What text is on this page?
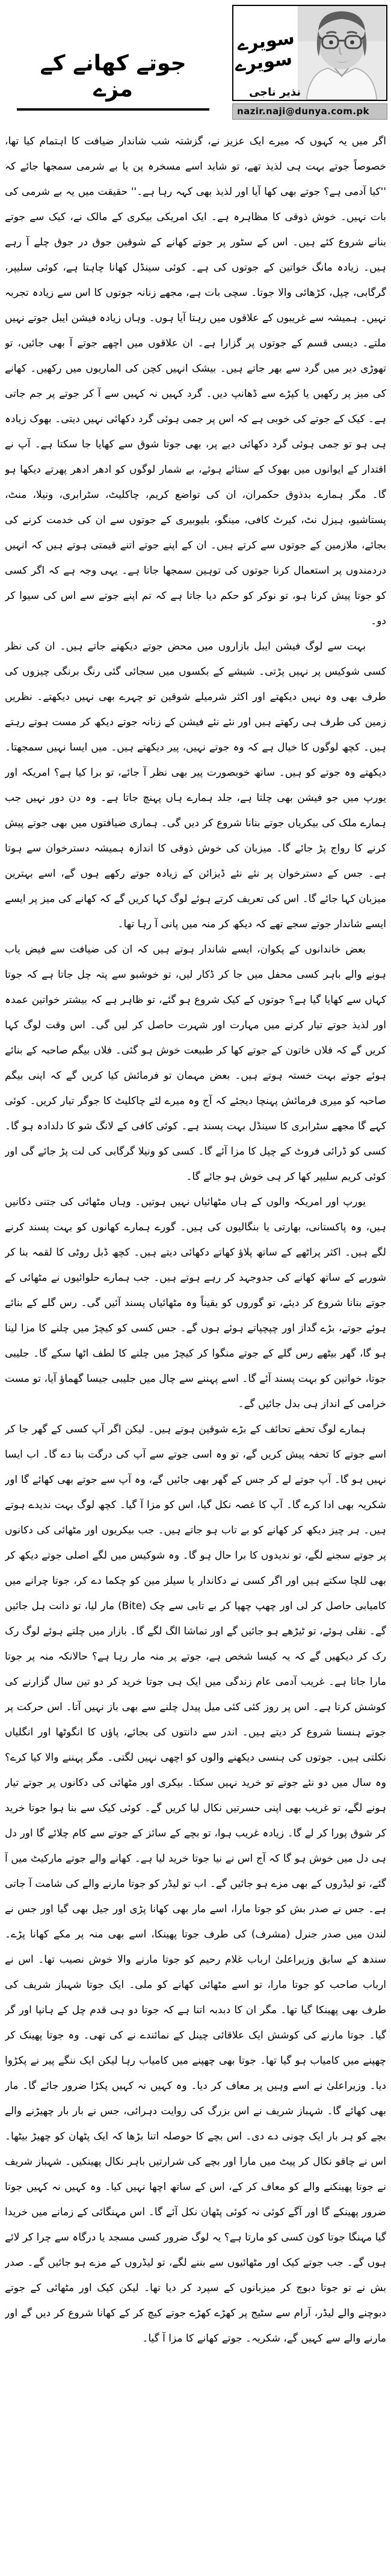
سویرے
سویرے
نذیر ناجی
nazir.naji@dunya.com.pk
جوتے کھانے کے مزے

اگر میں یہ کہوں کہ میرے ایک عزیز نے، گزشتہ شب شاندار ضیافت کا اہتمام کیا تھا، خصوصاً جوتے بہت ہی لذیذ تھے، تو شاید اسے مسخرہ پن یا بے شرمی سمجھا جائے کہ ''کیا آدمی ہے؟ جوتے بھی کھا آیا اور لذیذ بھی کہہ رہا ہے۔'' حقیقت میں یہ بے شرمی کی بات نہیں۔ خوش ذوقی کا مظاہرہ ہے۔ ایک امریکی بیکری کے مالک نے، کیک سے جوتے بنانے شروع کئے ہیں۔ اس کے سٹور پر جوتے کھانے کے شوقین جوق در جوق چلے آ رہے ہیں۔ زیادہ مانگ خواتین کے جوتوں کی ہے۔ کوئی سینڈل کھانا چاہتا ہے، کوئی سلیپر، گرگابی، چپل، کڑھائی والا جوتا۔ سچی بات ہے، مجھے زنانہ جوتوں کا اس سے زیادہ تجربہ نہیں۔ ہمیشہ سے غریبوں کے علاقوں میں رہتا آیا ہوں۔ وہاں زیادہ فیشن ایبل جوتے نہیں ملتے۔ دیسی قسم کے جوتوں پر گزارا ہے۔ ان علاقوں میں اچھے جوتے آ بھی جائیں، تو تھوڑی دیر میں گرد سے بھر جاتے ہیں۔ بیشک انہیں کچن کی الماریوں میں رکھیں۔ کھانے کی میز پر رکھیں یا کپڑے سے ڈھانپ دیں۔ گرد کہیں نہ کہیں سے آ کر جوتے پر جم جاتی ہے۔ کیک کے جوتے کی خوبی ہے کہ اس پر جمی ہوئی گرد دکھائی نہیں دیتی۔ بھوک زیادہ ہی ہو تو جمی ہوئی گرد دکھائی دیے پر، بھی جوتا شوق سے کھایا جا سکتا ہے۔ آپ نے اقتدار کے ایوانوں میں بھوک کے ستائے ہوئے، بے شمار لوگوں کو ادھر ادھر پھرتے دیکھا ہو گا۔ مگر ہمارے بدذوق حکمران، ان کی تواضع کریم، چاکلیٹ، سٹرابری، ونیلا، منٹ، پستاشیو، ہیزل نٹ، کیرٹ کافی، مینگو، بلیوبیری کے جوتوں سے ان کی خدمت کرنے کی بجائے، ملازمین کے جوتوں سے کرتے ہیں۔ ان کے اپنے جوتے اتنے قیمتی ہوتے ہیں کہ انہیں دردمندوں پر استعمال کرنا جوتوں کی توہین سمجھا جاتا ہے۔ یہی وجہ ہے کہ اگر کسی کو جوتا پیش کرنا ہو، تو نوکر کو حکم دیا جاتا ہے کہ تم اپنے جوتے سے اس کی سیوا کر دو۔

بہت سے لوگ فیشن ایبل بازاروں میں محض جوتے دیکھنے جاتے ہیں۔ ان کی نظر کسی شوکیس پر نہیں پڑتی۔ شیشے کے بکسوں میں سجائی گئی رنگ برنگی چیزوں کی طرف بھی وہ نہیں دیکھتے اور اکثر شرمیلے شوقین تو چہرے بھی نہیں دیکھتے۔ نظریں زمین کی طرف ہی رکھتے ہیں اور نئے نئے فیشن کے زنانہ جوتے دیکھ کر مست ہوتے رہتے ہیں۔ کچھ لوگوں کا خیال ہے کہ وہ جوتے نہیں، پیر دیکھتے ہیں۔ میں ایسا نہیں سمجھتا۔ دیکھتے وہ جوتے کو ہیں۔ ساتھ خوبصورت پیر بھی نظر آ جائے، تو برا کیا ہے؟ امریکہ اور یورپ میں جو فیشن بھی چلتا ہے، جلد ہمارے ہاں پہنچ جاتا ہے۔ وہ دن دور نہیں جب ہمارے ملک کی بیکریاں جوتے بنانا شروع کر دیں گی۔ ہماری ضیافتوں میں بھی جوتے پیش کرنے کا رواج پڑ جائے گا۔ میزبان کی خوش ذوقی کا اندازہ ہمیشہ دسترخوان سے ہوتا ہے۔ جس کے دسترخوان پر نئے نئے ڈیزائن کے زیادہ جوتے رکھے ہوں گے، اسے بہترین میزبان کہا جائے گا۔ اس کی تعریف کرتے ہوئے لوگ کہا کریں گے کہ کھانے کی میز پر ایسے ایسے شاندار جوتے سجے تھے کہ دیکھ کر منہ میں پانی آ رہا تھا۔

بعض خاندانوں کے پکوان، ایسے شاندار ہوتے ہیں کہ ان کی ضیافت سے فیض یاب ہونے والے باہر کسی محفل میں جا کر ڈکار لیں، تو خوشبو سے پتہ چل جاتا ہے کہ جوتا کہاں سے کھایا گیا ہے؟ جوتوں کے کیک شروع ہو گئے، تو ظاہر ہے کہ بیشتر خواتین عمدہ اور لذیذ جوتے تیار کرنے میں مہارت اور شہرت حاصل کر لیں گی۔ اس وقت لوگ کہا کریں گے کہ فلاں خاتون کے جوتے کھا کر طبیعت خوش ہو گئی۔ فلاں بیگم صاحبہ کے بنائے ہوئے جوتے بہت خستہ ہوتے ہیں۔ بعض مہمان تو فرمائش کیا کریں گے کہ اپنی بیگم صاحبہ کو میری فرمائش پہنچا دیجئے کہ آج وہ میرے لئے چاکلیٹ کا جوگر تیار کریں۔ کوئی کہے گا مجھے سٹرابری کا سینڈل بہت پسند ہے۔ کوئی کافی کے لانگ شو کا دلدادہ ہو گا۔ کسی کو ڈرائی فروٹ کے چپل کا مزا آئے گا۔ کسی کو ونیلا گرگابی کی لت پڑ جائے گی اور کوئی کریم سلیپر کھا کر ہی خوش ہو جائے گا۔

یورپ اور امریکہ والوں کے ہاں مٹھائیاں نہیں ہوتیں۔ وہاں مٹھائی کی جتنی دکانیں ہیں، وہ پاکستانی، بھارتی یا بنگالیوں کی ہیں۔ گورے ہمارے کھانوں کو بہت پسند کرنے لگے ہیں۔ اکثر پراٹھے کے ساتھ پلاؤ کھاتے دکھائی دیتے ہیں۔ کچھ ڈبل روٹی کا لقمہ بنا کر شوربے کے ساتھ کھانے کی جدوجہد کر رہے ہوتے ہیں۔ جب ہمارے حلوائیوں نے مٹھائی کے جوتے بنانا شروع کر دیئے، تو گوروں کو یقیناً وہ مٹھائیاں پسند آئیں گی۔ رس گلے کے بنائے ہوئے جوتے، بڑے گداز اور چپچپاتے ہوئے ہوں گے۔ جس کسی کو کیچڑ میں چلنے کا مزا لینا ہو گا، گھر بیٹھے رس گلے کے جوتے منگوا کر کیچڑ میں چلنے کا لطف اٹھا سکے گا۔ جلیبی جوتا، خواتین کو بہت پسند آئے گا۔ اسے پہننے سے چال میں جلیبی جیسا گھماؤ آیا، تو مست خرامی کے انداز ہی بدل جائیں گے۔

ہمارے لوگ تحفے تحائف کے بڑے شوقین ہوتے ہیں۔ لیکن اگر آپ کسی کے گھر جا کر اسے جوتے کا تحفہ پیش کریں گے، تو وہ اسی جوتے سے آپ کی درگت بنا دے گا۔ اب ایسا نہیں ہو گا۔ آپ جوتے لے کر جس کے گھر بھی جائیں گے، وہ آپ سے جوتے بھی کھائے گا اور شکریہ بھی ادا کرے گا۔ آپ کا غصہ نکل گیا، اس کو مزا آ گیا۔ کچھ لوگ بہت ندیدے ہوتے ہیں۔ ہر چیز دیکھ کر کھانے کو بے تاب ہو جاتے ہیں۔ جب بیکریوں اور مٹھائی کی دکانوں پر جوتے سجنے لگے، تو ندیدوں کا برا حال ہو گا۔ وہ شوکیس میں لگے اصلی جوتے دیکھ کر بھی للچا سکتے ہیں اور اگر کسی نے دکاندار یا سیلز مین کو چکما دے کر، جوتا چرانے میں کامیابی حاصل کر لی اور چھپ چھپا کر بے تابی سے چک (Bite) مار لیا، تو دانت ہل جائیں گے۔ نقلی ہوئے، تو ٹیڑھے ہو جائیں گے اور تماشا الگ لگے گا۔ بازار میں چلتے ہوئے لوگ رک رک کر دیکھیں گے کہ یہ کیسا شخص ہے، جوتے پر منہ مار رہا ہے؟ حالانکہ منہ پر جوتا مارا جاتا ہے۔ غریب آدمی عام زندگی میں ایک ہی جوتا خرید کر دو تین سال گزارنے کی کوشش کرتا ہے۔ اس پر روز کئی کئی میل پیدل چلنے سے بھی باز نہیں آتا۔ اس حرکت پر جوتے ہنسنا شروع کر دیتے ہیں۔ اندر سے دانتوں کی بجائے، پاؤں کا انگوٹھا اور انگلیاں نکلتی ہیں۔ جوتوں کی ہنسی دیکھنے والوں کو اچھی نہیں لگتی۔ مگر پہننے والا کیا کرے؟ وہ سال میں دو نئے جوتے تو خرید نہیں سکتا۔ بیکری اور مٹھائی کی دکانوں پر جوتے تیار ہونے لگے، تو غریب بھی اپنی حسرتیں نکال لیا کریں گے۔ کوئی کیک سے بنا ہوا جوتا خرید کر شوق پورا کر لے گا۔ زیادہ غریب ہوا، تو بچے کے سائز کے جوتے سے کام چلائے گا اور دل ہی دل میں خوش ہو گا کہ آج اس نے نیا جوتا خرید لیا ہے۔ کھانے والے جوتے مارکیٹ میں آ گئے، تو لیڈروں کے بھی مزے ہو جائیں گے۔ اب تو لیڈر کو جوتا مارنے والے کی شامت آ جاتی ہے۔ جس نے صدر بش کو جوتا مارا، اسے مار بھی کھانا پڑی اور جیل بھی گیا اور جس نے لندن میں صدر جنرل (مشرف) کی طرف جوتا پھینکا، اسے بھی منہ پر مکے کھانا پڑے۔ سندھ کے سابق وزیراعلیٰ ارباب غلام رحیم کو جوتا مارنے والا خوش نصیب تھا۔ اس نے ارباب صاحب کو جوتا مارا، تو اسے مٹھائی کھانے کو ملی۔ ایک جوتا شہباز شریف کی طرف بھی پھینکا گیا تھا۔ مگر ان کا دبدبہ اتنا ہے کہ جوتا دو ہی قدم چل کے ہانپا اور گر گیا۔ جوتا مارنے کی کوشش ایک علاقائی چینل کے نمائندے نے کی تھی۔ وہ جوتا پھینک کر چھپنے میں کامیاب ہو گیا تھا۔ جوتا بھی چھپنے میں کامیاب رہا لیکن ایک ننگے پیر نے پکڑوا دیا۔ وزیراعلیٰ نے اسے وہیں پر معاف کر دیا۔ وہ کہیں نہ کہیں پکڑا ضرور جائے گا۔ مار بھی کھائے گا۔ شہباز شریف نے اس بزرگ کی روایت دہرائی، جس نے بار بار چھیڑنے والے بچے کو ہر بار ایک چونی دے دی۔ اس بچے کا حوصلہ اتنا بڑھا کہ ایک پٹھان کو چھیڑ بیٹھا۔ اس نے چاقو نکال کر پیٹ میں مارا اور بچے کی شرارتیں باہر نکال پھینکیں۔ شہباز شریف نے جوتا پھینکنے والے کو معاف کر کے، اس کے ساتھ اچھا نہیں کیا۔ وہ کہیں نہ کہیں جوتا ضرور پھینکے گا اور آگے کوئی نہ کوئی پٹھان نکل آئے گا۔ اس مہنگائی کے زمانے میں خریدا گیا مہنگا جوتا کون کسی کو مارتا ہے؟ یہ لوگ ضرور کسی مسجد یا درگاہ سے چرا کر لائے ہوں گے۔ جب جوتے کیک اور مٹھائیوں سے بننے لگے، تو لیڈروں کے مزے ہو جائیں گے۔ صدر بش نے تو جوتا دبوچ کر میزبانوں کے سپرد کر دیا تھا۔ لیکن کیک اور مٹھائی کے جوتے دبوچنے والے لیڈر، آرام سے سٹیج پر کھڑے کھڑے جوتے کیچ کر کے کھانا شروع کر دیں گے اور مارنے والے سے کہیں گے، شکریہ۔ جوتے کھانے کا مزا آ گیا۔
